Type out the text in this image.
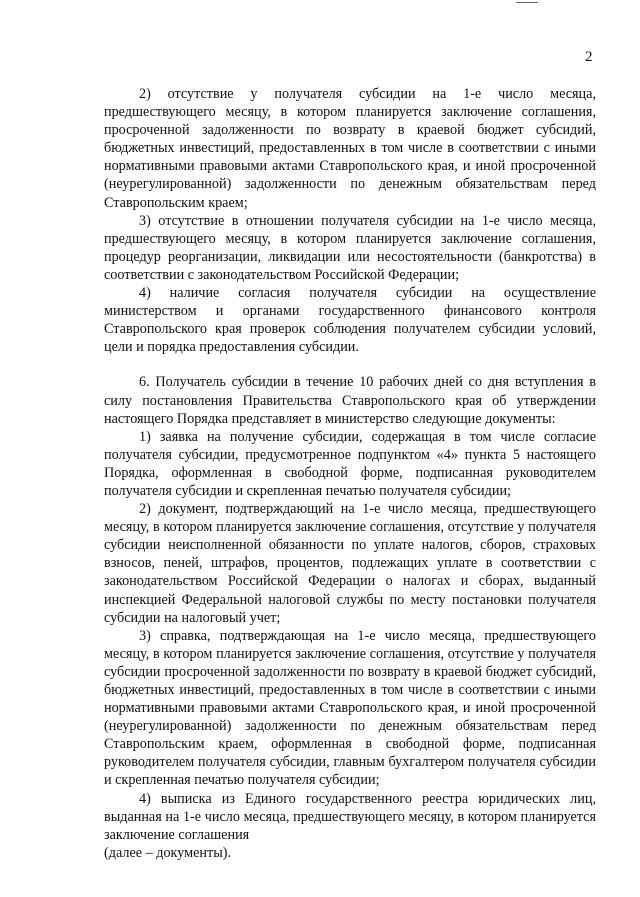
2

2) отсутствие у получателя субсидии на 1-е число месяца, предшествующего месяцу, в котором планируется заключение соглашения, просроченной задолженности по возврату в краевой бюджет субсидий, бюджетных инвестиций, предоставленных в том числе в соответствии с иными нормативными правовыми актами Ставропольского края, и иной просроченной (неурегулированной) задолженности по денежным обязательствам перед Ставропольским краем;

3) отсутствие в отношении получателя субсидии на 1-е число месяца, предшествующего месяцу, в котором планируется заключение соглашения, процедур реорганизации, ликвидации или несостоятельности (банкротства) в соответствии с законодательством Российской Федерации;

4) наличие согласия получателя субсидии на осуществление министерством и органами государственного финансового контроля Ставропольского края проверок соблюдения получателем субсидии условий, цели и порядка предоставления субсидии.

6. Получатель субсидии в течение 10 рабочих дней со дня вступления в силу постановления Правительства Ставропольского края об утверждении настоящего Порядка представляет в министерство следующие документы:

1) заявка на получение субсидии, содержащая в том числе согласие получателя субсидии, предусмотренное подпунктом «4» пункта 5 настоящего Порядка, оформленная в свободной форме, подписанная руководителем получателя субсидии и скрепленная печатью получателя субсидии;

2) документ, подтверждающий на 1-е число месяца, предшествующего месяцу, в котором планируется заключение соглашения, отсутствие у получателя субсидии неисполненной обязанности по уплате налогов, сборов, страховых взносов, пеней, штрафов, процентов, подлежащих уплате в соответствии с законодательством Российской Федерации о налогах и сборах, выданный инспекцией Федеральной налоговой службы по месту постановки получателя субсидии на налоговый учет;

3) справка, подтверждающая на 1-е число месяца, предшествующего месяцу, в котором планируется заключение соглашения, отсутствие у получателя субсидии просроченной задолженности по возврату в краевой бюджет субсидий, бюджетных инвестиций, предоставленных в том числе в соответствии с иными нормативными правовыми актами Ставропольского края, и иной просроченной (неурегулированной) задолженности по денежным обязательствам перед Ставропольским краем, оформленная в свободной форме, подписанная руководителем получателя субсидии, главным бухгалтером получателя субсидии и скрепленная печатью получателя субсидии;

4) выписка из Единого государственного реестра юридических лиц, выданная на 1-е число месяца, предшествующего месяцу, в котором планируется заключение соглашения

(далее – документы).
